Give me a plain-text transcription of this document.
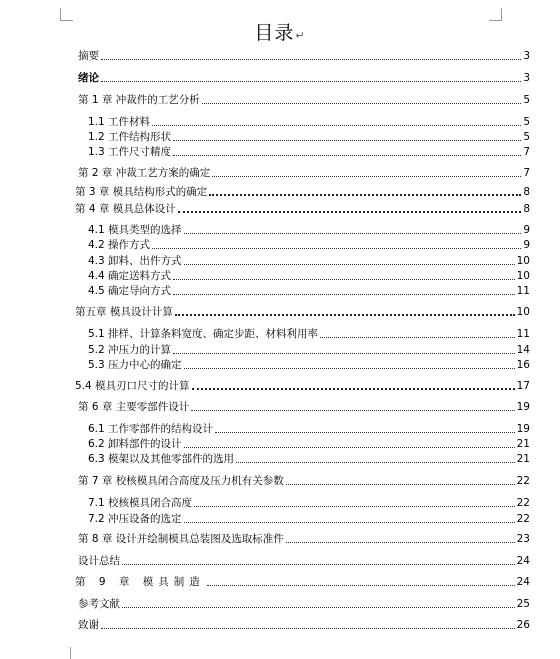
目录↵
摘要	3
绪论	3
第 1 章 冲裁件的工艺分析	5
1.1 工件材料	5
1.2 工件结构形状	5
1.3 工件尺寸精度	7
第 2 章 冲裁工艺方案的确定	7
第 3 章 模具结构形式的确定	8
第 4 章 模具总体设计	8
4.1 模具类型的选择	9
4.2 操作方式	9
4.3 卸料、出件方式	10
4.4 确定送料方式	10
4.5 确定导向方式	11
第五章 模具设计计算	10
5.1 排样、计算条料宽度、确定步距、材料利用率	11
5.2 冲压力的计算	14
5.3 压力中心的确定	16
5.4 模具刃口尺寸的计算	17
第 6 章 主要零部件设计	19
6.1 工作零部件的结构设计	19
6.2 卸料部件的设计	21
6.3 模架以及其他零部件的选用	21
第 7 章 校核模具闭合高度及压力机有关参数	22
7.1 校核模具闭合高度	22
7.2 冲压设备的选定	22
第 8 章 设计并绘制模具总装图及选取标准件	23
设计总结	24
第 9 章 模具制造	24
参考文献	25
致谢	26
